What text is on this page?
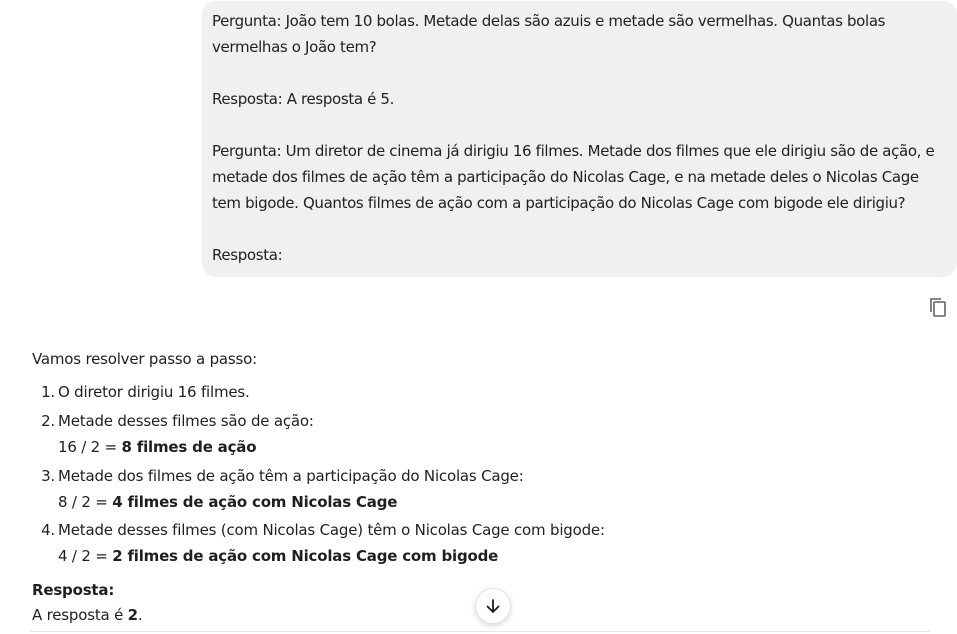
Pergunta: João tem 10 bolas. Metade delas são azuis e metade são vermelhas. Quantas bolas
vermelhas o João tem?
Resposta: A resposta é 5.
Pergunta: Um diretor de cinema já dirigiu 16 filmes. Metade dos filmes que ele dirigiu são de ação, e
metade dos filmes de ação têm a participação do Nicolas Cage, e na metade deles o Nicolas Cage
tem bigode. Quantos filmes de ação com a participação do Nicolas Cage com bigode ele dirigiu?
Resposta:
Vamos resolver passo a passo:
1. O diretor dirigiu 16 filmes.
2. Metade desses filmes são de ação:
16 / 2 = 8 filmes de ação
3. Metade dos filmes de ação têm a participação do Nicolas Cage:
8 / 2 = 4 filmes de ação com Nicolas Cage
4. Metade desses filmes (com Nicolas Cage) têm o Nicolas Cage com bigode:
4 / 2 = 2 filmes de ação com Nicolas Cage com bigode
Resposta:
A resposta é 2.
